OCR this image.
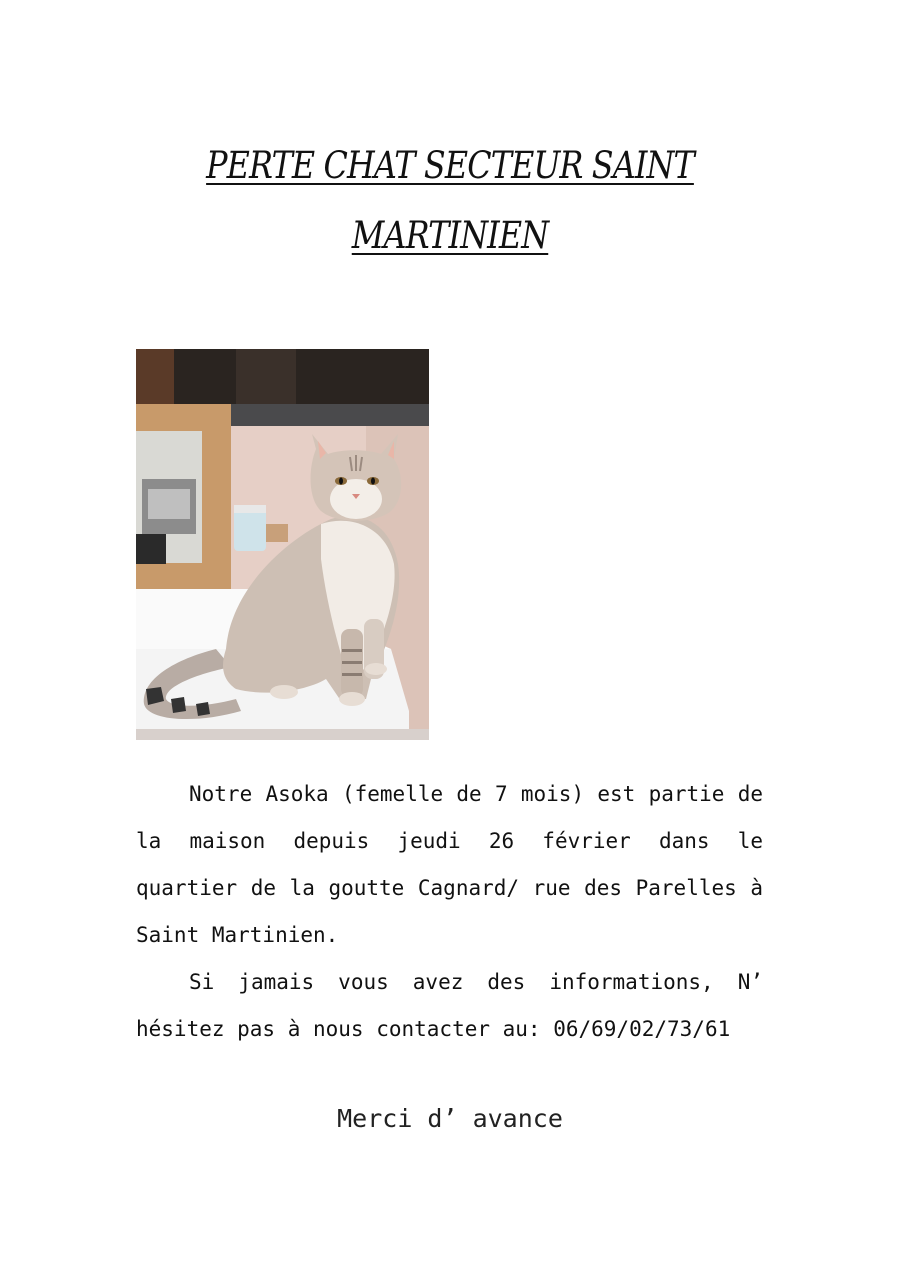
PERTE CHAT SECTEUR SAINT
MARTINIEN
Notre Asoka (femelle de 7 mois) est partie de la maison depuis jeudi 26 février dans le quartier de la goutte Cagnard/ rue des Parelles à Saint Martinien.
Si jamais vous avez des informations, N’ hésitez pas à nous contacter au: 06/69/02/73/61
Merci d’ avance
